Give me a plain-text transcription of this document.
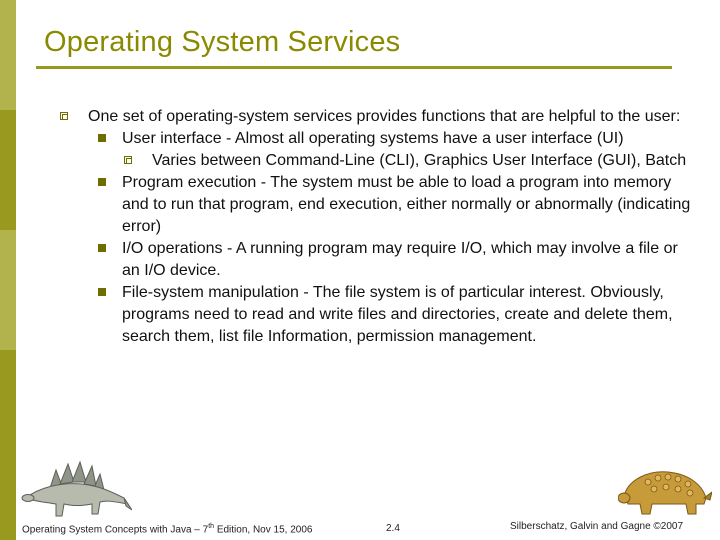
Operating System Services
One set of operating-system services provides functions that are helpful to the user:
User interface - Almost all operating systems have a user interface (UI)
Varies between Command-Line (CLI), Graphics User Interface (GUI), Batch
Program execution - The system must be able to load a program into memory and to run that program, end execution, either normally or abnormally (indicating error)
I/O operations - A running program may require I/O, which may involve a file or an I/O device.
File-system manipulation - The file system is of particular interest. Obviously, programs need to read and write files and directories, create and delete them, search them, list file Information, permission management.
Operating System Concepts with Java – 7th Edition, Nov 15, 2006	2.4	Silberschatz, Galvin and Gagne ©2007
